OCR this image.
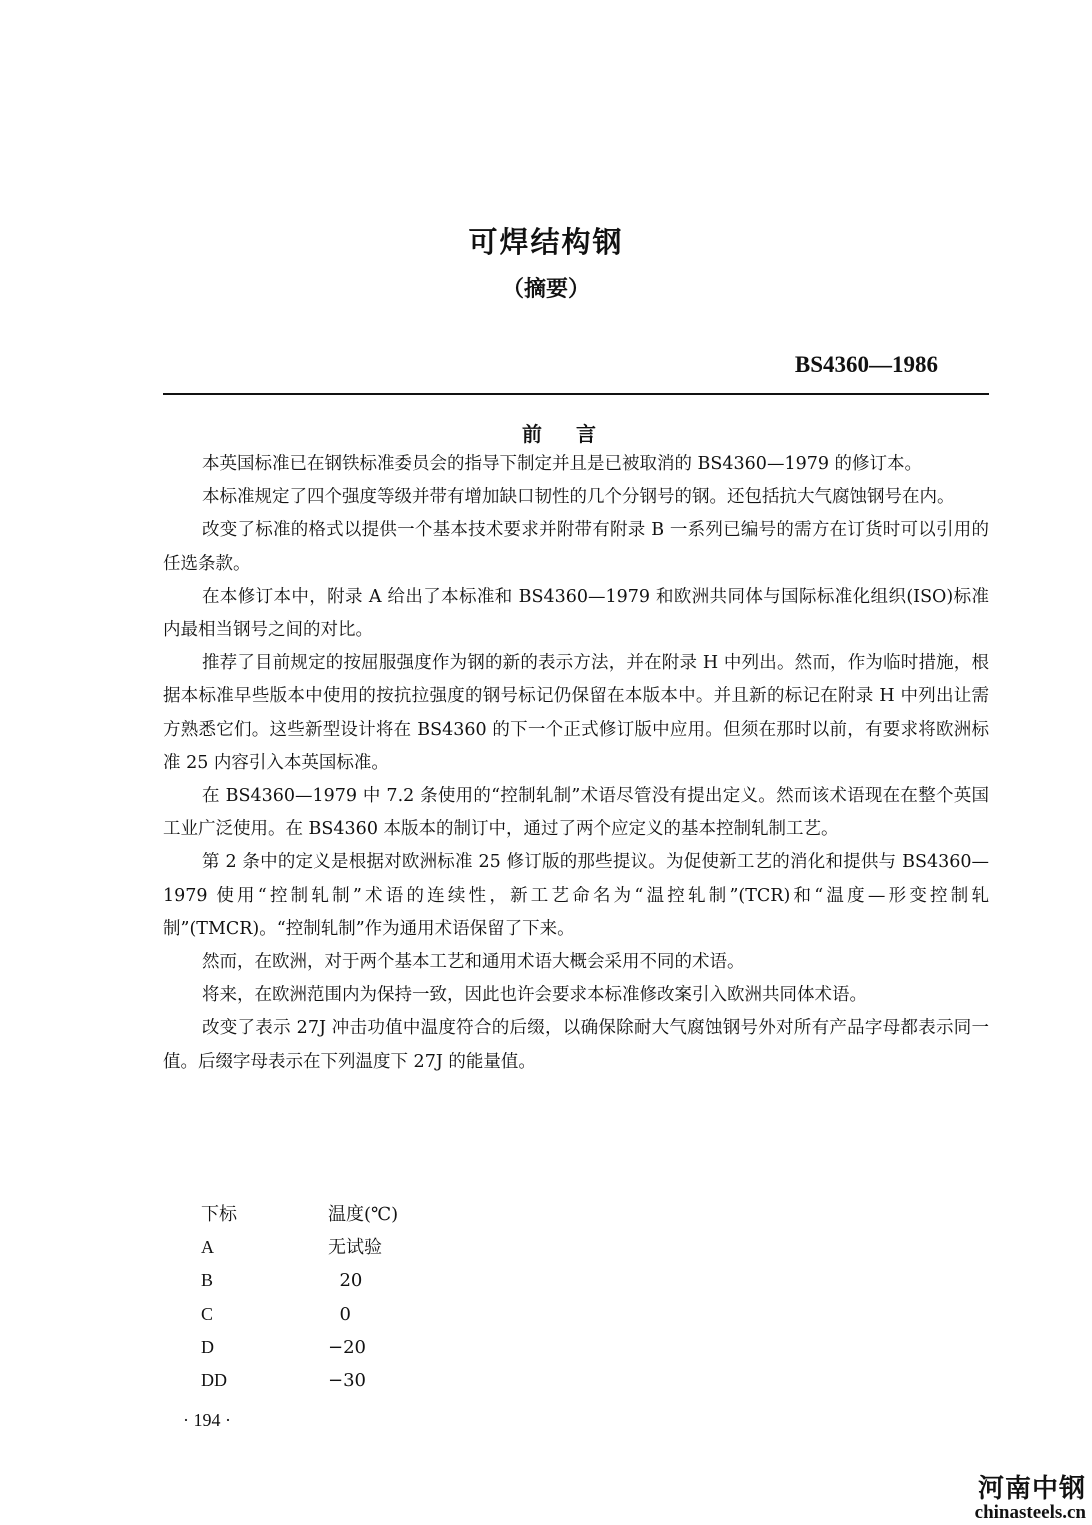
可焊结构钢
（摘要）
BS4360—1986
前言

本英国标准已在钢铁标准委员会的指导下制定并且是已被取消的 BS4360—1979 的修订本。

本标准规定了四个强度等级并带有增加缺口韧性的几个分钢号的钢。还包括抗大气腐蚀钢号在内。

改变了标准的格式以提供一个基本技术要求并附带有附录 B 一系列已编号的需方在订货时可以引用的任选条款。

在本修订本中，附录 A 给出了本标准和 BS4360—1979 和欧洲共同体与国际标准化组织(ISO)标准内最相当钢号之间的对比。

推荐了目前规定的按屈服强度作为钢的新的表示方法，并在附录 H 中列出。然而，作为临时措施，根据本标准早些版本中使用的按抗拉强度的钢号标记仍保留在本版本中。并且新的标记在附录 H 中列出让需方熟悉它们。这些新型设计将在 BS4360 的下一个正式修订版中应用。但须在那时以前，有要求将欧洲标准 25 内容引入本英国标准。

在 BS4360—1979 中 7.2 条使用的“控制轧制”术语尽管没有提出定义。然而该术语现在在整个英国工业广泛使用。在 BS4360 本版本的制订中，通过了两个应定义的基本控制轧制工艺。

第 2 条中的定义是根据对欧洲标准 25 修订版的那些提议。为促使新工艺的消化和提供与 BS4360—1979 使用“控制轧制”术语的连续性，新工艺命名为“温控轧制”(TCR)和“温度—形变控制轧制”(TMCR)。“控制轧制”作为通用术语保留了下来。

然而，在欧洲，对于两个基本工艺和通用术语大概会采用不同的术语。

将来，在欧洲范围内为保持一致，因此也许会要求本标准修改案引入欧洲共同体术语。

改变了表示 27J 冲击功值中温度符合的后缀，以确保除耐大气腐蚀钢号外对所有产品字母都表示同一值。后缀字母表示在下列温度下 27J 的能量值。

下标	温度(℃)
A	无试验
B	20
C	0
D	−20
DD	−30
· 194 ·
河南中钢
chinasteels.cn
